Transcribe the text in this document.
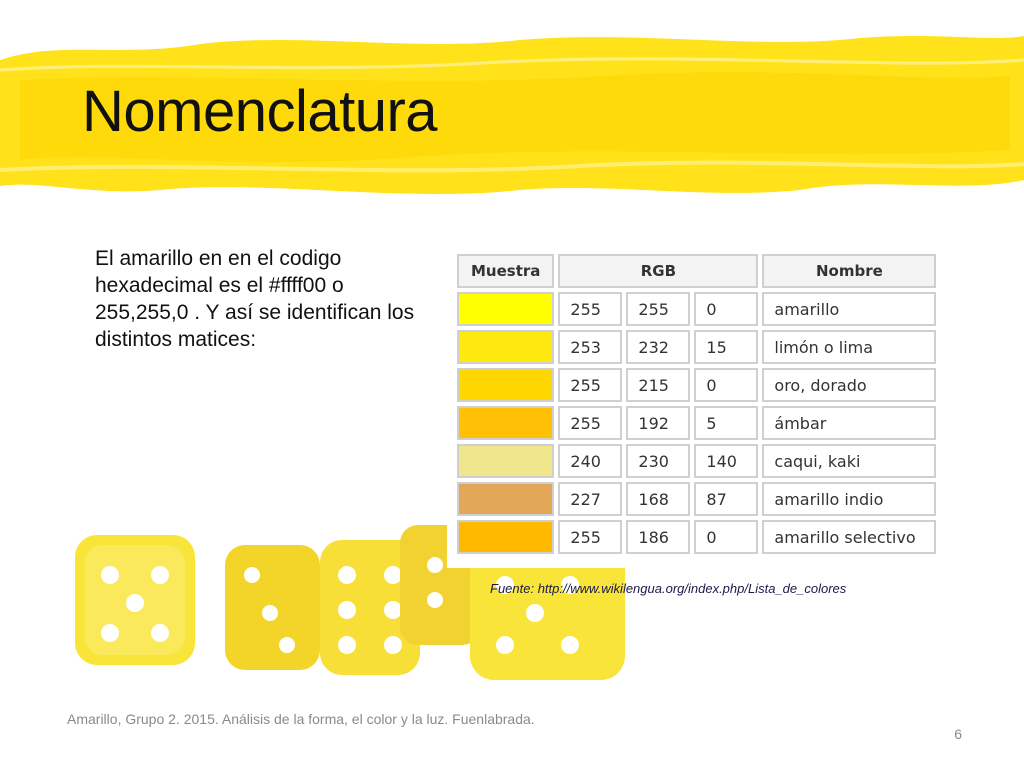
Nomenclatura
El amarillo en en el codigo hexadecimal es el #ffff00 o 255,255,0 . Y así se identifican los distintos matices:
Muestra	RGB			Nombre
	255	255	0	amarillo
	253	232	15	limón o lima
	255	215	0	oro, dorado
	255	192	5	ámbar
	240	230	140	caqui, kaki
	227	168	87	amarillo indio
	255	186	0	amarillo selectivo
Fuente: http://www.wikilengua.org/index.php/Lista_de_colores
Amarillo, Grupo 2. 2015. Análisis de la forma, el color y la luz. Fuenlabrada.
6
